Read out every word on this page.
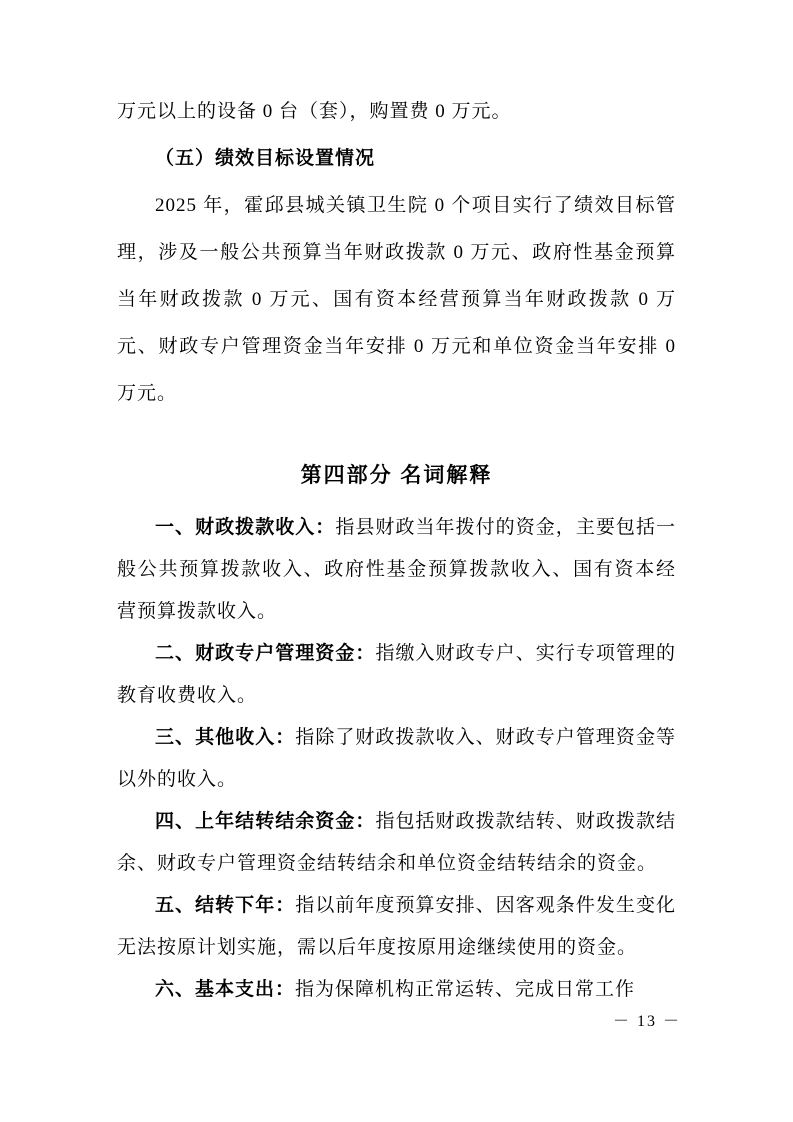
万元以上的设备 0 台（套），购置费 0 万元。

（五）绩效目标设置情况

2025 年，霍邱县城关镇卫生院 0 个项目实行了绩效目标管理，涉及一般公共预算当年财政拨款 0 万元、政府性基金预算当年财政拨款 0 万元、国有资本经营预算当年财政拨款 0 万元、财政专户管理资金当年安排 0 万元和单位资金当年安排 0 万元。

第四部分 名词解释

一、财政拨款收入：指县财政当年拨付的资金，主要包括一般公共预算拨款收入、政府性基金预算拨款收入、国有资本经营预算拨款收入。

二、财政专户管理资金：指缴入财政专户、实行专项管理的教育收费收入。

三、其他收入：指除了财政拨款收入、财政专户管理资金等以外的收入。

四、上年结转结余资金：指包括财政拨款结转、财政拨款结余、财政专户管理资金结转结余和单位资金结转结余的资金。

五、结转下年：指以前年度预算安排、因客观条件发生变化无法按原计划实施，需以后年度按原用途继续使用的资金。

六、基本支出：指为保障机构正常运转、完成日常工作

－ 13 －
